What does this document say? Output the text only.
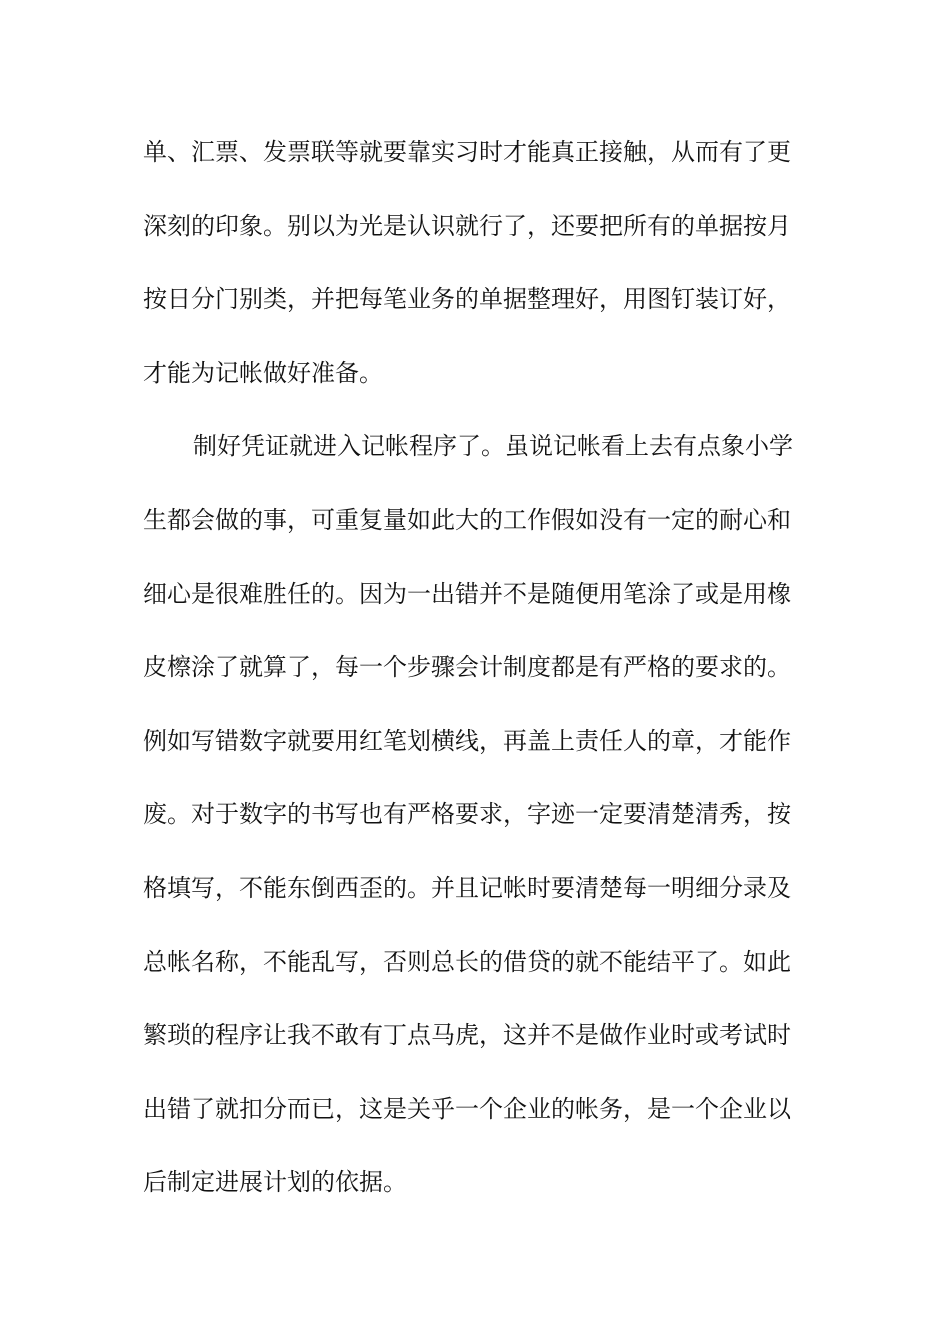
单、汇票、发票联等就要靠实习时才能真正接触，从而有了更
深刻的印象。别以为光是认识就行了，还要把所有的单据按月
按日分门别类，并把每笔业务的单据整理好，用图钉装订好，
才能为记帐做好准备。
制好凭证就进入记帐程序了。虽说记帐看上去有点象小学
生都会做的事，可重复量如此大的工作假如没有一定的耐心和
细心是很难胜任的。因为一出错并不是随便用笔涂了或是用橡
皮檫涂了就算了，每一个步骤会计制度都是有严格的要求的。
例如写错数字就要用红笔划横线，再盖上责任人的章，才能作
废。对于数字的书写也有严格要求，字迹一定要清楚清秀，按
格填写，不能东倒西歪的。并且记帐时要清楚每一明细分录及
总帐名称，不能乱写，否则总长的借贷的就不能结平了。如此
繁琐的程序让我不敢有丁点马虎，这并不是做作业时或考试时
出错了就扣分而已，这是关乎一个企业的帐务，是一个企业以
后制定进展计划的依据。
